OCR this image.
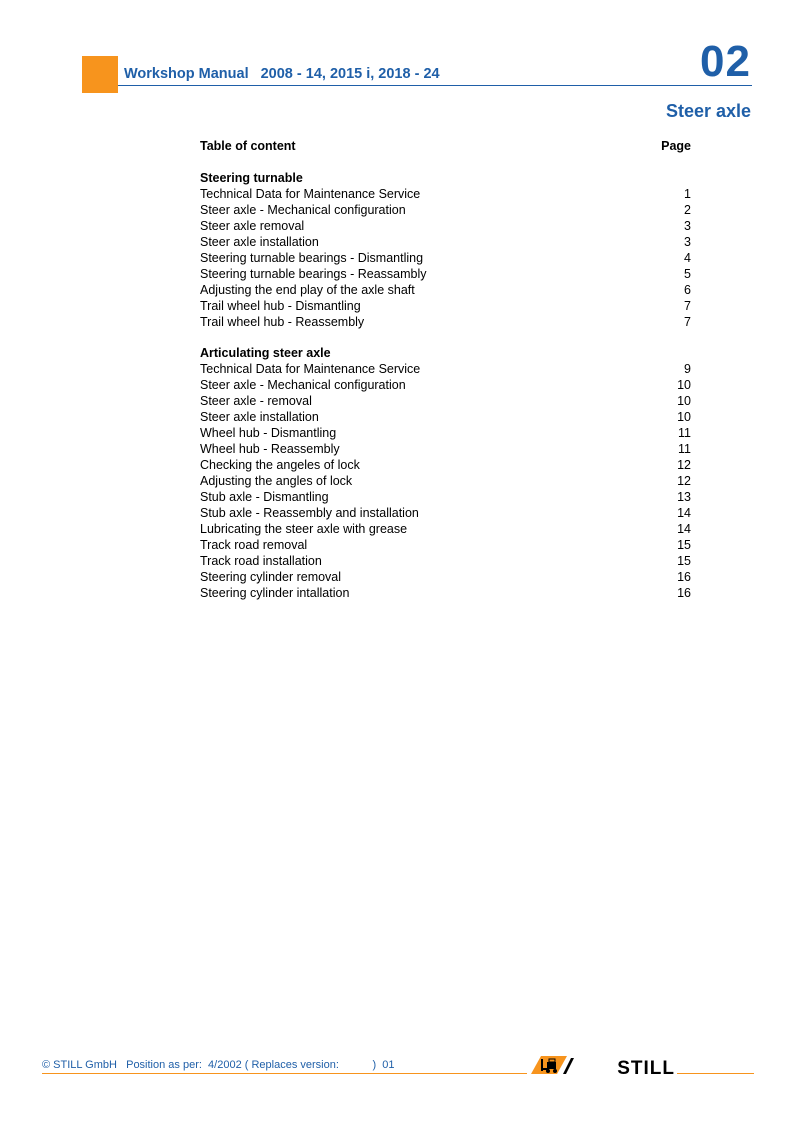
Workshop Manual 2008 - 14, 2015 i, 2018 - 24	02
Steer axle
Table of content	Page
Steering turnable
Technical Data for Maintenance Service	1
Steer axle - Mechanical configuration	2
Steer axle removal	3
Steer axle installation	3
Steering turnable bearings - Dismantling	4
Steering turnable bearings - Reassambly	5
Adjusting the end play of the axle shaft	6
Trail wheel hub - Dismantling	7
Trail wheel hub - Reassembly	7
Articulating steer axle
Technical Data for Maintenance Service	9
Steer axle - Mechanical configuration	10
Steer axle - removal	10
Steer axle installation	10
Wheel hub - Dismantling	11
Wheel hub - Reassembly	11
Checking the angeles of lock	12
Adjusting the angles of lock	12
Stub axle - Dismantling	13
Stub axle - Reassembly and installation	14
Lubricating the steer axle with grease	14
Track road removal	15
Track road installation	15
Steering cylinder removal	16
Steering cylinder intallation	16
© STILL GmbH   Position as per:  4/2002 ( Replaces version:           )  01	STILL
